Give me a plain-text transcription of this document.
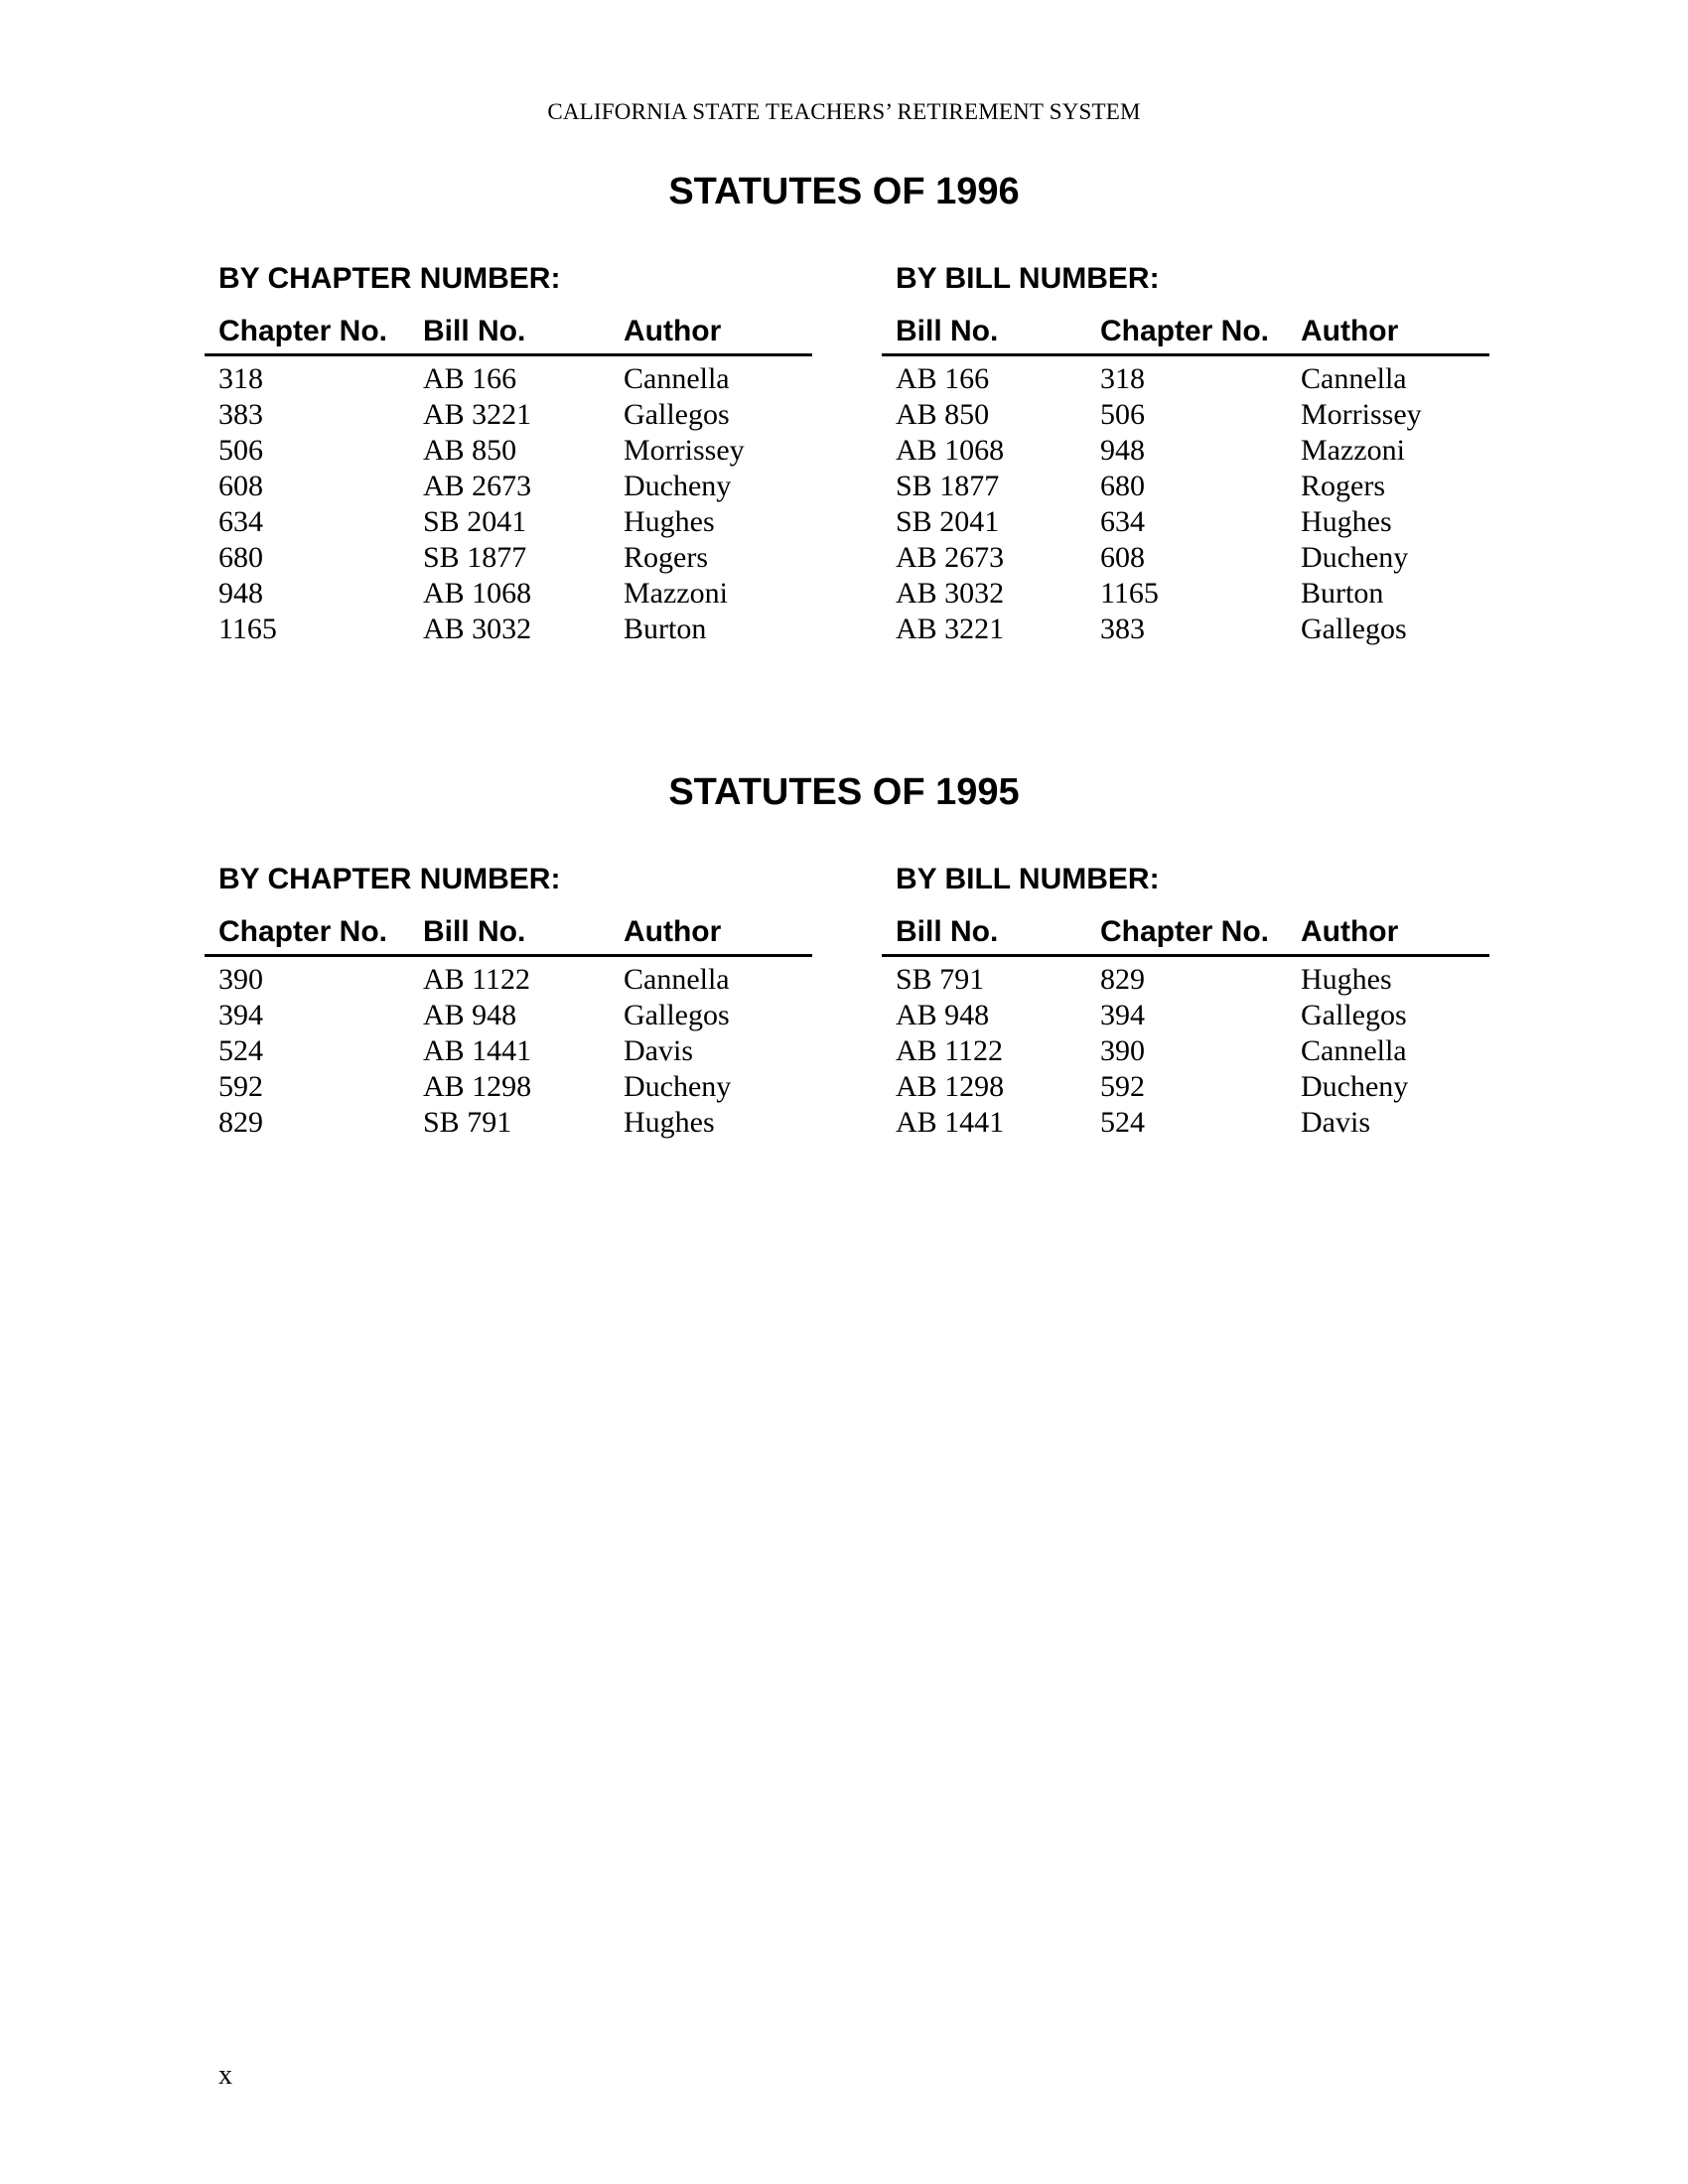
CALIFORNIA STATE TEACHERS’ RETIREMENT SYSTEM
STATUTES OF 1996
BY CHAPTER NUMBER:
Chapter No. Bill No.	Author
318	AB 166	Cannella
383	AB 3221	Gallegos
506	AB 850	Morrissey
608	AB 2673	Ducheny
634	SB 2041	Hughes
680	SB 1877	Rogers
948	AB 1068	Mazzoni
1165	AB 3032	Burton
BY BILL NUMBER:
Bill No.	Chapter No. Author
AB 166	318	Cannella
AB 850	506	Morrissey
AB 1068	948	Mazzoni
SB 1877	680	Rogers
SB 2041	634	Hughes
AB 2673	608	Ducheny
AB 3032	1165	Burton
AB 3221	383	Gallegos
STATUTES OF 1995
BY CHAPTER NUMBER:
Chapter No. Bill No.	Author
390	AB 1122	Cannella
394	AB 948	Gallegos
524	AB 1441	Davis
592	AB 1298	Ducheny
829	SB 791	Hughes
BY BILL NUMBER:
Bill No.	Chapter No. Author
SB 791	829	Hughes
AB 948	394	Gallegos
AB 1122	390	Cannella
AB 1298	592	Ducheny
AB 1441	524	Davis
x
